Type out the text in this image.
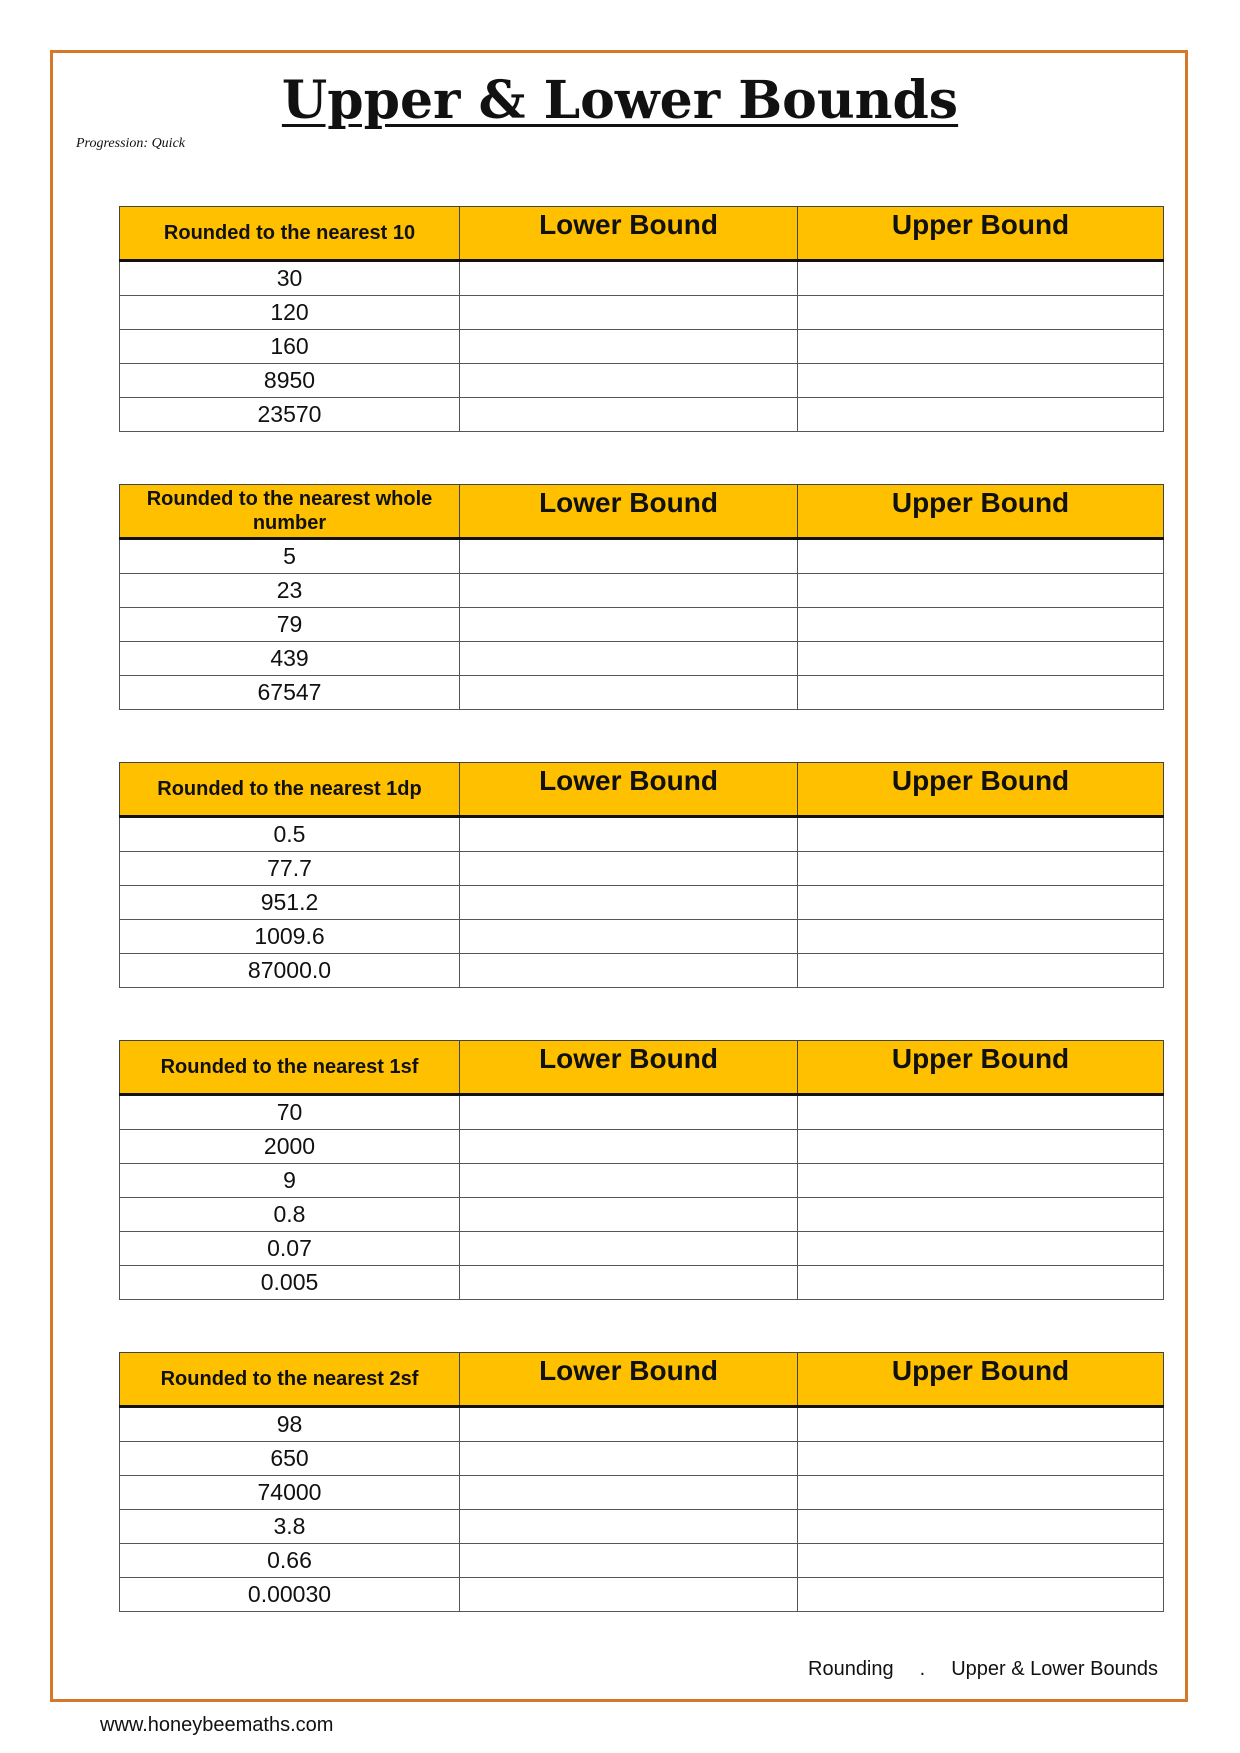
Upper & Lower Bounds
Progression: Quick
Rounded to the nearest 10	Lower Bound	Upper Bound
30		
120		
160		
8950		
23570		
Rounded to the nearest whole number	Lower Bound	Upper Bound
5		
23		
79		
439		
67547		
Rounded to the nearest 1dp	Lower Bound	Upper Bound
0.5		
77.7		
951.2		
1009.6		
87000.0		
Rounded to the nearest 1sf	Lower Bound	Upper Bound
70		
2000		
9		
0.8		
0.07		
0.005		
Rounded to the nearest 2sf	Lower Bound	Upper Bound
98		
650		
74000		
3.8		
0.66		
0.00030		
Rounding . Upper & Lower Bounds
www.honeybeemaths.com
